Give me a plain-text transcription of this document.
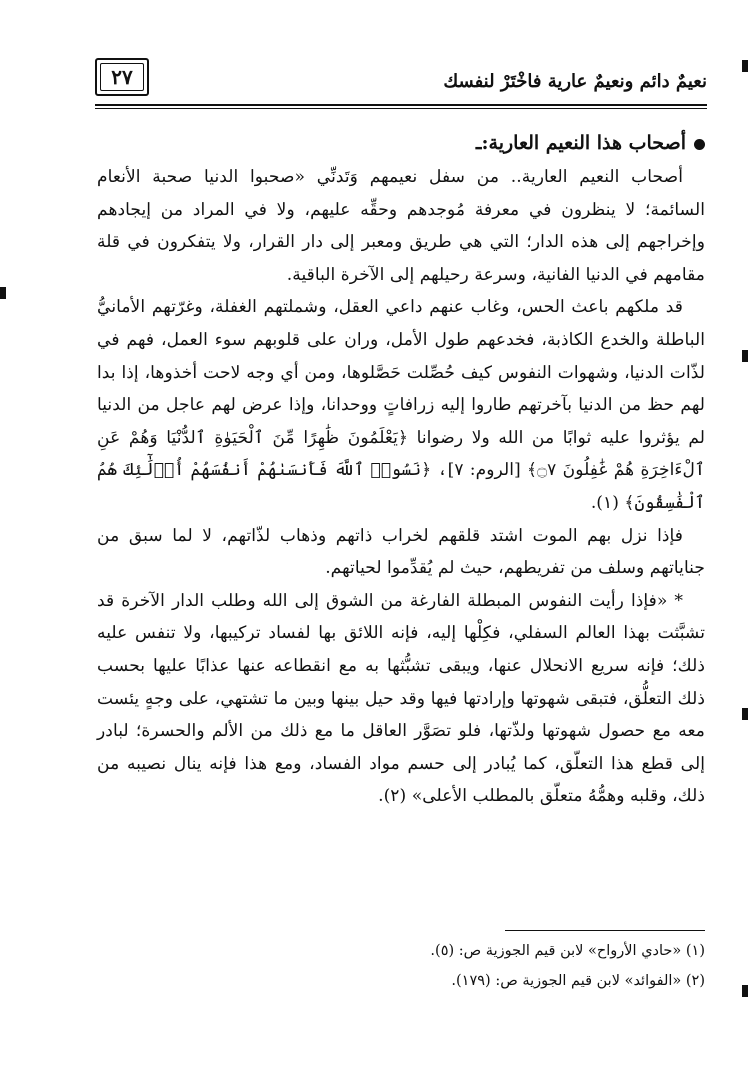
نعيمٌ دائم ونعيمٌ عارية فاخْتَرْ لنفسك
٢٧

أصحاب هذا النعيم العارية:ـ

أصحاب النعيم العارية.. من سفل نعيمهم وَتَدنِّي «صحبوا الدنيا صحبة الأنعام السائمة؛ لا ينظرون في معرفة مُوجدهم وحقِّه عليهم، ولا في المراد من إيجادهم وإخراجهم إلى هذه الدار؛ التي هي طريق ومعبر إلى دار القرار، ولا يتفكرون في قلة مقامهم في الدنيا الفانية، وسرعة رحيلهم إلى الآخرة الباقية.

قد ملكهم باعث الحس، وغاب عنهم داعي العقل، وشملتهم الغفلة، وغرّتهم الأمانيُّ الباطلة والخدع الكاذبة، فخدعهم طول الأمل، وران على قلوبهم سوء العمل، فهم في لذّات الدنيا، وشهوات النفوس كيف حُصِّلت حَصَّلوها، ومن أي وجه لاحت أخذوها، إذا بدا لهم حظ من الدنيا بآخرتهم طاروا إليه زرافاتٍ ووحدانا، وإذا عرض لهم عاجل من الدنيا لم يؤثروا عليه ثوابًا من الله ولا رضوانا ﴿يَعْلَمُونَ ظَٰهِرًا مِّنَ ٱلْحَيَوٰةِ ٱلدُّنْيَا وَهُمْ عَنِ ٱلْءَاخِرَةِ هُمْ غَٰفِلُونَ ۝٧﴾ [الروم: ٧]، ﴿نَسُوا۟ ٱللَّهَ فَأَنسَىٰهُمْ أَنفُسَهُمْ أُو۟لَٰٓئِكَ هُمُ ٱلْفَٰسِقُونَ﴾ (١).

فإذا نزل بهم الموت اشتد قلقهم لخراب ذاتهم وذهاب لذّاتهم، لا لما سبق من جناياتهم وسلف من تفريطهم، حيث لم يُقدِّموا لحياتهم.

* «فإذا رأيت النفوس المبطلة الفارغة من الشوق إلى الله وطلب الدار الآخرة قد تشبَّثت بهذا العالم السفلي، فكِلْها إليه، فإنه اللائق بها لفساد تركيبها، ولا تنفس عليه ذلك؛ فإنه سريع الانحلال عنها، ويبقى تشبُّثها به مع انقطاعه عنها عذابًا عليها بحسب ذلك التعلُّق، فتبقى شهوتها وإرادتها فيها وقد حيل بينها وبين ما تشتهي، على وجهٍ يئست معه مع حصول شهوتها ولذّتها، فلو تصَوَّر العاقل ما مع ذلك من الألم والحسرة؛ لبادر إلى قطع هذا التعلّق، كما يُبادر إلى حسم مواد الفساد، ومع هذا فإنه ينال نصيبه من ذلك، وقلبه وهمُّهُ متعلّق بالمطلب الأعلى» (٢).

(١) «حادي الأرواح» لابن قيم الجوزية ص: (٥).

(٢) «الفوائد» لابن قيم الجوزية ص: (١٧٩).
